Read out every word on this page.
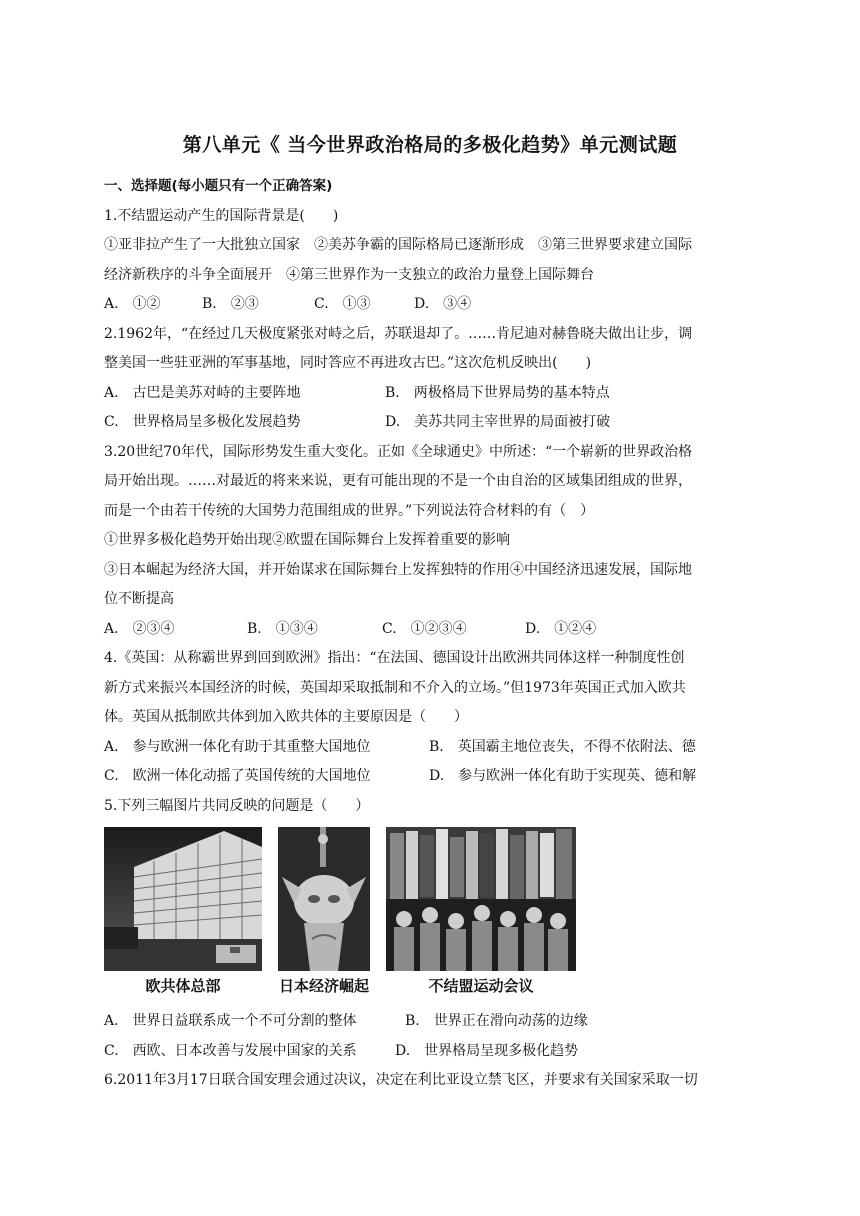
第八单元《 当今世界政治格局的多极化趋势》单元测试题
一、选择题(每小题只有一个正确答案)
1.不结盟运动产生的国际背景是(　　)
①亚非拉产生了一大批独立国家　②美苏争霸的国际格局已逐渐形成　③第三世界要求建立国际
经济新秩序的斗争全面展开　④第三世界作为一支独立的政治力量登上国际舞台
A.　①②	B.　②③	C.　①③	D.　③④
2.1962年，“在经过几天极度紧张对峙之后，苏联退却了。……肯尼迪对赫鲁晓夫做出让步，调
整美国一些驻亚洲的军事基地，同时答应不再进攻古巴。”这次危机反映出(　　)
A.　古巴是美苏对峙的主要阵地	B.　两极格局下世界局势的基本特点
C.　世界格局呈多极化发展趋势	D.　美苏共同主宰世界的局面被打破
3.20世纪70年代，国际形势发生重大变化。正如《全球通史》中所述：“一个崭新的世界政治格
局开始出现。……对最近的将来来说，更有可能出现的不是一个由自治的区域集团组成的世界，
而是一个由若干传统的大国势力范围组成的世界。”下列说法符合材料的有（　）
①世界多极化趋势开始出现②欧盟在国际舞台上发挥着重要的影响
③日本崛起为经济大国，并开始谋求在国际舞台上发挥独特的作用④中国经济迅速发展，国际地
位不断提高
A.　②③④	B.　①③④	C.　①②③④	D.　①②④
4.《英国：从称霸世界到回到欧洲》指出：“在法国、德国设计出欧洲共同体这样一种制度性创
新方式来振兴本国经济的时候，英国却采取抵制和不介入的立场。”但1973年英国正式加入欧共
体。英国从抵制欧共体到加入欧共体的主要原因是（　　）
A.　参与欧洲一体化有助于其重整大国地位	B.　英国霸主地位丧失，不得不依附法、德
C.　欧洲一体化动摇了英国传统的大国地位	D.　参与欧洲一体化有助于实现英、德和解
5.下列三幅图片共同反映的问题是（　　）
欧共体总部	日本经济崛起	不结盟运动会议
A.　世界日益联系成一个不可分割的整体	B.　世界正在滑向动荡的边缘
C.　西欧、日本改善与发展中国家的关系	D.　世界格局呈现多极化趋势
6.2011年3月17日联合国安理会通过决议，决定在利比亚设立禁飞区，并要求有关国家采取一切
